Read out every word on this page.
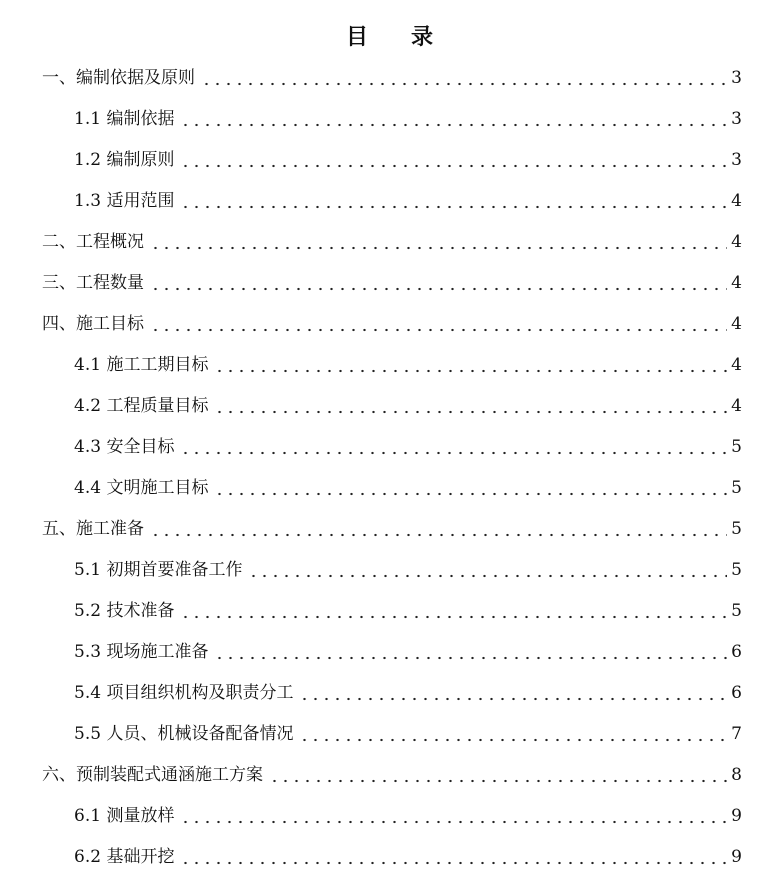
目 录
一、编制依据及原则	3
1.1 编制依据	3
1.2 编制原则	3
1.3 适用范围	4
二、工程概况	4
三、工程数量	4
四、施工目标	4
4.1 施工工期目标	4
4.2 工程质量目标	4
4.3 安全目标	5
4.4 文明施工目标	5
五、施工准备	5
5.1 初期首要准备工作	5
5.2 技术准备	5
5.3 现场施工准备	6
5.4 项目组织机构及职责分工	6
5.5 人员、机械设备配备情况	7
六、预制装配式通涵施工方案	8
6.1 测量放样	9
6.2 基础开挖	9
